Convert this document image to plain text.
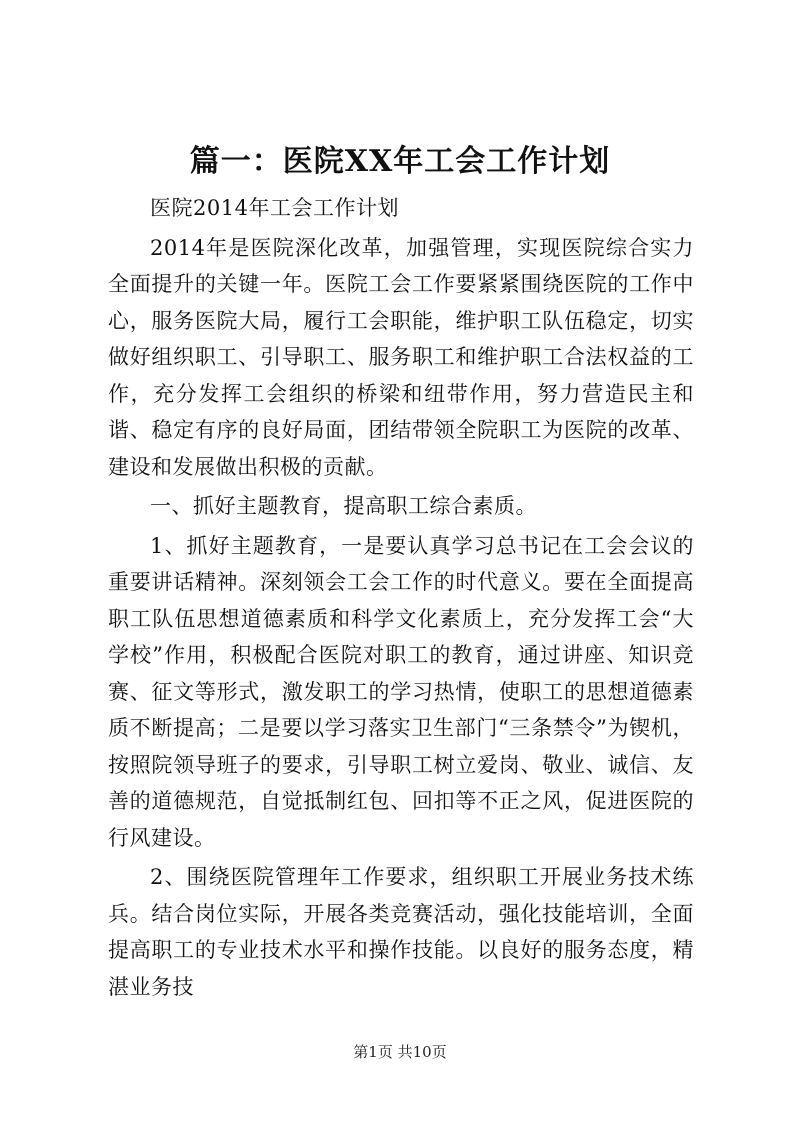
篇一：医院XX年工会工作计划

医院2014年工会工作计划

2014年是医院深化改革，加强管理，实现医院综合实力全面提升的关键一年。医院工会工作要紧紧围绕医院的工作中心，服务医院大局，履行工会职能，维护职工队伍稳定，切实做好组织职工、引导职工、服务职工和维护职工合法权益的工作，充分发挥工会组织的桥梁和纽带作用，努力营造民主和谐、稳定有序的良好局面，团结带领全院职工为医院的改革、建设和发展做出积极的贡献。

一、抓好主题教育，提高职工综合素质。

1、抓好主题教育，一是要认真学习总书记在工会会议的重要讲话精神。深刻领会工会工作的时代意义。要在全面提高职工队伍思想道德素质和科学文化素质上，充分发挥工会“大学校”作用，积极配合医院对职工的教育，通过讲座、知识竞赛、征文等形式，激发职工的学习热情，使职工的思想道德素质不断提高；二是要以学习落实卫生部门“三条禁令”为锲机，按照院领导班子的要求，引导职工树立爱岗、敬业、诚信、友善的道德规范，自觉抵制红包、回扣等不正之风，促进医院的行风建设。

2、围绕医院管理年工作要求，组织职工开展业务技术练兵。结合岗位实际，开展各类竞赛活动，强化技能培训，全面提高职工的专业技术水平和操作技能。以良好的服务态度，精湛业务技

第1页 共10页
